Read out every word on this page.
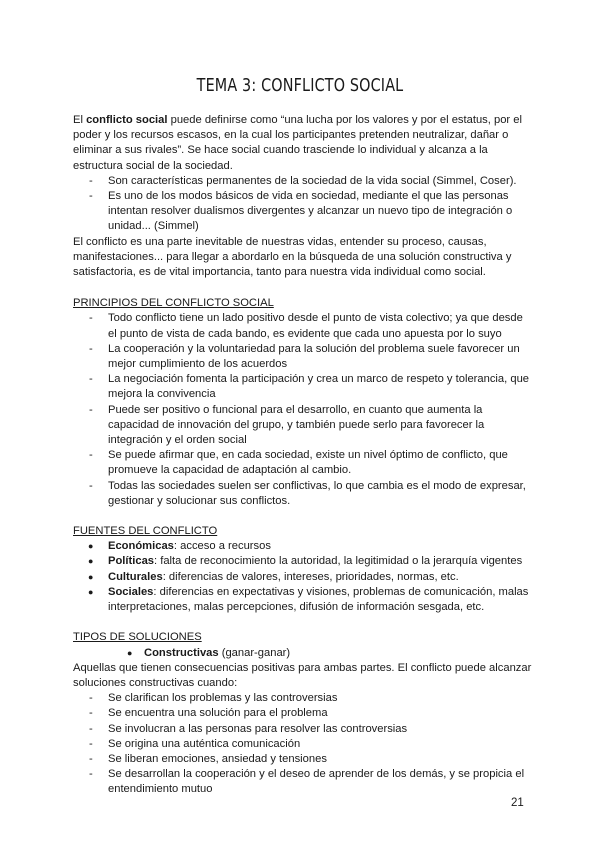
TEMA 3: CONFLICTO SOCIAL

El conflicto social puede definirse como “una lucha por los valores y por el estatus, por el poder y los recursos escasos, en la cual los participantes pretenden neutralizar, dañar o eliminar a sus rivales”. Se hace social cuando trasciende lo individual y alcanza a la estructura social de la sociedad.

- Son características permanentes de la sociedad de la vida social (Simmel, Coser).
- Es uno de los modos básicos de vida en sociedad, mediante el que las personas intentan resolver dualismos divergentes y alcanzar un nuevo tipo de integración o unidad... (Simmel)

El conflicto es una parte inevitable de nuestras vidas, entender su proceso, causas, manifestaciones... para llegar a abordarlo en la búsqueda de una solución constructiva y satisfactoria, es de vital importancia, tanto para nuestra vida individual como social.

PRINCIPIOS DEL CONFLICTO SOCIAL

- Todo conflicto tiene un lado positivo desde el punto de vista colectivo; ya que desde el punto de vista de cada bando, es evidente que cada uno apuesta por lo suyo
- La cooperación y la voluntariedad para la solución del problema suele favorecer un mejor cumplimiento de los acuerdos
- La negociación fomenta la participación y crea un marco de respeto y tolerancia, que mejora la convivencia
- Puede ser positivo o funcional para el desarrollo, en cuanto que aumenta la capacidad de innovación del grupo, y también puede serlo para favorecer la integración y el orden social
- Se puede afirmar que, en cada sociedad, existe un nivel óptimo de conflicto, que promueve la capacidad de adaptación al cambio.
- Todas las sociedades suelen ser conflictivas, lo que cambia es el modo de expresar, gestionar y solucionar sus conflictos.

FUENTES DEL CONFLICTO

● Económicas: acceso a recursos
● Políticas: falta de reconocimiento la autoridad, la legitimidad o la jerarquía vigentes
● Culturales: diferencias de valores, intereses, prioridades, normas, etc.
● Sociales: diferencias en expectativas y visiones, problemas de comunicación, malas interpretaciones, malas percepciones, difusión de información sesgada, etc.

TIPOS DE SOLUCIONES

● Constructivas (ganar-ganar)

Aquellas que tienen consecuencias positivas para ambas partes. El conflicto puede alcanzar soluciones constructivas cuando:

- Se clarifican los problemas y las controversias
- Se encuentra una solución para el problema
- Se involucran a las personas para resolver las controversias
- Se origina una auténtica comunicación
- Se liberan emociones, ansiedad y tensiones
- Se desarrollan la cooperación y el deseo de aprender de los demás, y se propicia el entendimiento mutuo
21
